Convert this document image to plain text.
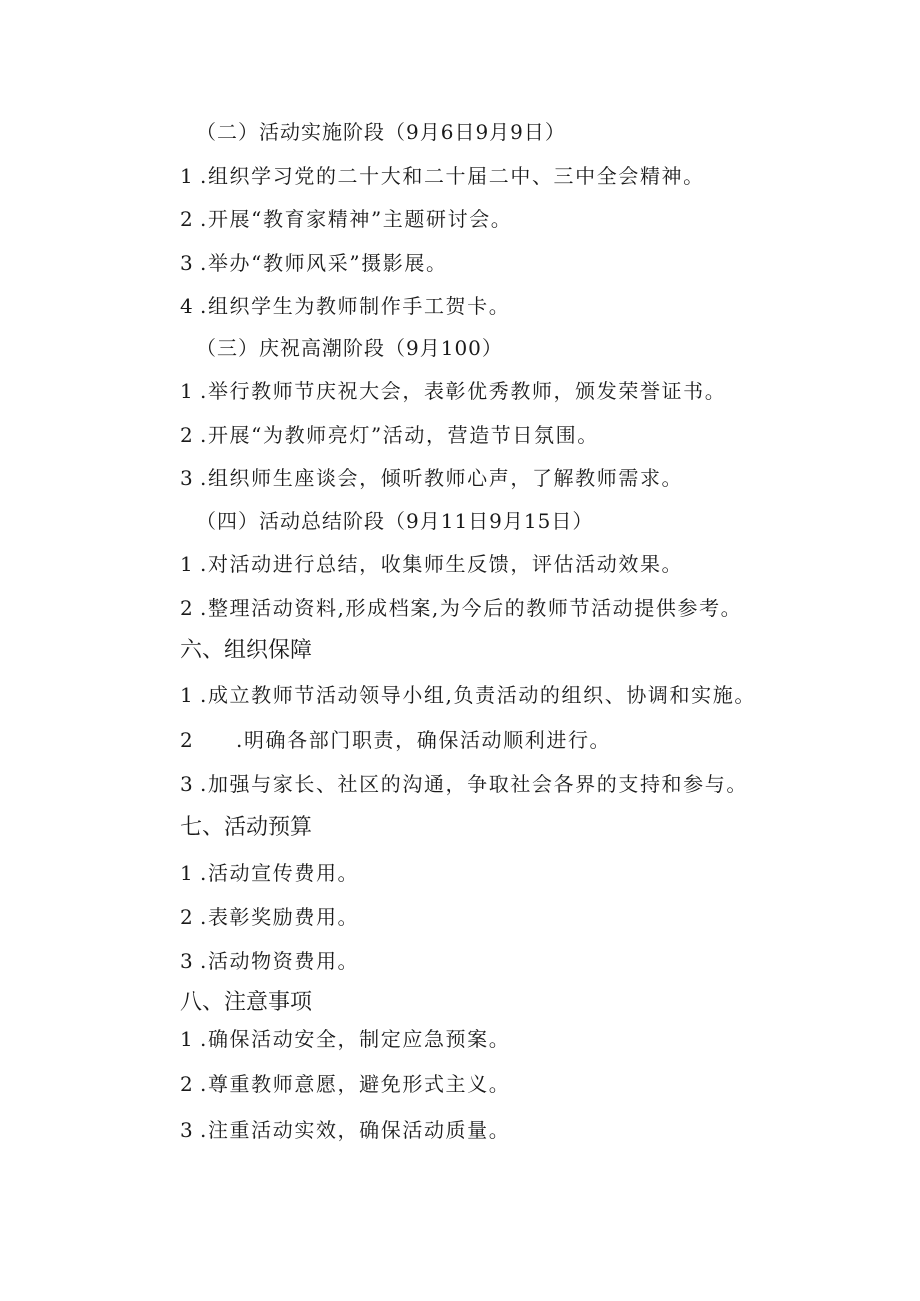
（二）活动实施阶段（9月6日9月9日）
1 .组织学习党的二十大和二十届二中、三中全会精神。
2 .开展“教育家精神”主题研讨会。
3 .举办“教师风采”摄影展。
4 .组织学生为教师制作手工贺卡。
（三）庆祝高潮阶段（9月100）
1 .举行教师节庆祝大会，表彰优秀教师，颁发荣誉证书。
2 .开展“为教师亮灯”活动，营造节日氛围。
3 .组织师生座谈会，倾听教师心声，了解教师需求。
（四）活动总结阶段（9月11日9月15日）
1 .对活动进行总结，收集师生反馈，评估活动效果。
2 .整理活动资料,形成档案,为今后的教师节活动提供参考。
六、组织保障
1 .成立教师节活动领导小组,负责活动的组织、协调和实施。
2 .明确各部门职责，确保活动顺利进行。
3 .加强与家长、社区的沟通，争取社会各界的支持和参与。
七、活动预算
1 .活动宣传费用。
2 .表彰奖励费用。
3 .活动物资费用。
八、注意事项
1 .确保活动安全，制定应急预案。
2 .尊重教师意愿，避免形式主义。
3 .注重活动实效，确保活动质量。
